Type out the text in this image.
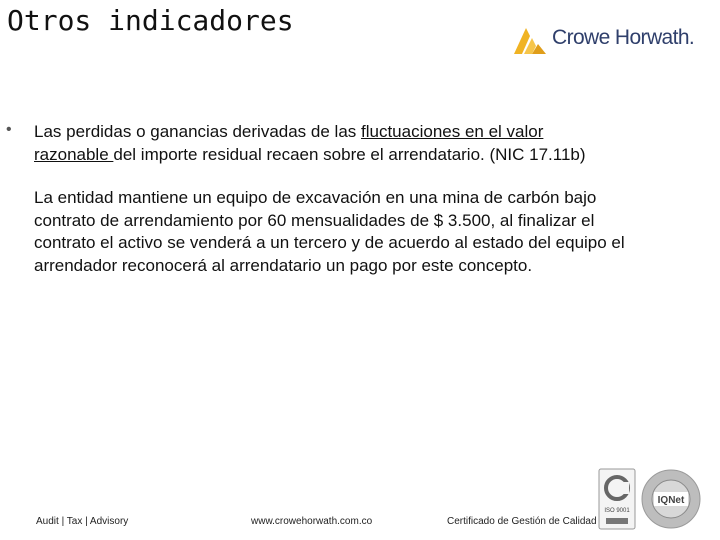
Otros indicadores
Crowe Horwath.
• Las perdidas o ganancias derivadas de las fluctuaciones en el valor
razonable del importe residual recaen sobre el arrendatario. (NIC 17.11b)
La entidad mantiene un equipo de excavación en una mina de carbón bajo contrato de arrendamiento por 60 mensualidades de $ 3.500, al finalizar el contrato el activo se venderá a un tercero y de acuerdo al estado del equipo el arrendador reconocerá al arrendatario un pago por este concepto.
Audit | Tax | Advisory	www.crowehorwath.com.co	Certificado de Gestión de Calidad
ISO 9001
IQNet
